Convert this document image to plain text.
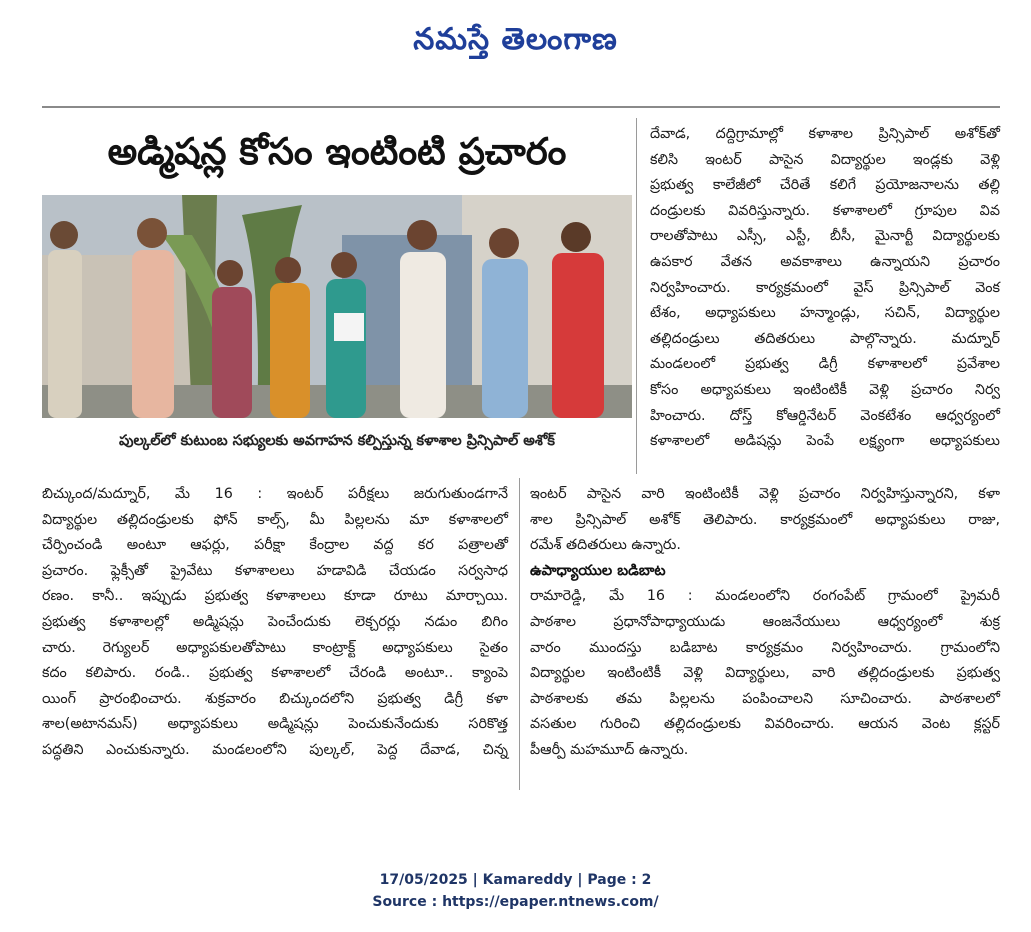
నమస్తే తెలంగాణ
అడ్మిషన్ల కోసం ఇంటింటి ప్రచారం
పుల్కల్‌లో కుటుంబ సభ్యులకు అవగాహన కల్పిస్తున్న కళాశాల ప్రిన్సిపాల్ అశోక్
దేవాడ, దద్దిగ్రామాల్లో కళాశాల ప్రిన్సిపాల్ అశోక్‌తో
కలిసి ఇంటర్ పాసైన విద్యార్థుల ఇండ్లకు వెళ్లి
ప్రభుత్వ కాలేజీలో చేరితే కలిగే ప్రయోజనాలను తల్లి
దండ్రులకు వివరిస్తున్నారు. కళాశాలలో గ్రూపుల వివ
రాలతోపాటు ఎస్సీ, ఎస్టీ, బీసీ, మైనార్టీ విద్యార్థులకు
ఉపకార వేతన అవకాశాలు ఉన్నాయని ప్రచారం
నిర్వహించారు. కార్యక్రమంలో వైస్ ప్రిన్సిపాల్ వెంక
టేశం, అధ్యాపకులు హన్మాండ్లు, సచిన్, విద్యార్థుల
తల్లిదండ్రులు తదితరులు పాల్గొన్నారు. మద్నూర్
మండలంలో ప్రభుత్వ డిగ్రీ కళాశాలలో ప్రవేశాల
కోసం అధ్యాపకులు ఇంటింటికీ వెళ్లి ప్రచారం నిర్వ
హించారు. దోస్త్ కోఆర్డినేటర్ వెంకటేశం ఆధ్వర్యంలో
కళాశాలలో అడిషన్లు పెంపే లక్ష్యంగా అధ్యాపకులు
బిచ్కుంద/మద్నూర్, మే 16 : ఇంటర్ పరీక్షలు జరుగుతుండగానే
విద్యార్థుల తల్లిదండ్రులకు ఫోన్ కాల్స్, మీ పిల్లలను మా కళాశాలలో
చేర్పించండి అంటూ ఆఫర్లు, పరీక్షా కేంద్రాల వద్ద కర పత్రాలతో
ప్రచారం. ఫ్లెక్సీతో ప్రైవేటు కళాశాలలు హడావిడి చేయడం సర్వసాధ
రణం. కానీ.. ఇప్పుడు ప్రభుత్వ కళాశాలలు కూడా రూటు మార్చాయి.
ప్రభుత్వ కళాశాలల్లో అడ్మిషన్లు పెంచేందుకు లెక్చరర్లు నడుం బిగిం
చారు. రెగ్యులర్ అధ్యాపకులతోపాటు కాంట్రాక్ట్ అధ్యాపకులు సైతం
కదం కలిపారు. రండి.. ప్రభుత్వ కళాశాలలో చేరండి అంటూ.. క్యాంపె
యింగ్ ప్రారంభించారు. శుక్రవారం బిచ్కుందలోని ప్రభుత్వ డిగ్రీ కళా
శాల(అటానమస్) అధ్యాపకులు అడ్మిషన్లు పెంచుకునేందుకు సరికొత్త
పద్ధతిని ఎంచుకున్నారు. మండలంలోని పుల్కల్, పెద్ద దేవాడ, చిన్న
ఇంటర్ పాసైన వారి ఇంటింటికీ వెళ్లి ప్రచారం నిర్వహిస్తున్నారని, కళా
శాల ప్రిన్సిపాల్ అశోక్ తెలిపారు. కార్యక్రమంలో అధ్యాపకులు రాజు,
రమేశ్ తదితరులు ఉన్నారు.
ఉపాధ్యాయుల బడిబాట
రామారెడ్డి, మే 16 : మండలంలోని రంగంపేట్ గ్రామంలో ప్రైమరీ
పాఠశాల ప్రధానోపాధ్యాయుడు ఆంజనేయులు ఆధ్వర్యంలో శుక్ర
వారం ముందస్తు బడిబాట కార్యక్రమం నిర్వహించారు. గ్రామంలోని
విద్యార్థుల ఇంటింటికీ వెళ్లి విద్యార్థులు, వారి తల్లిదండ్రులకు ప్రభుత్వ
పాఠశాలకు తమ పిల్లలను పంపించాలని సూచించారు. పాఠశాలలో
వసతుల గురించి తల్లిదండ్రులకు వివరించారు. ఆయన వెంట క్లస్టర్
పీఆర్పీ మహమూద్ ఉన్నారు.
17/05/2025 | Kamareddy | Page : 2
Source : https://epaper.ntnews.com/
